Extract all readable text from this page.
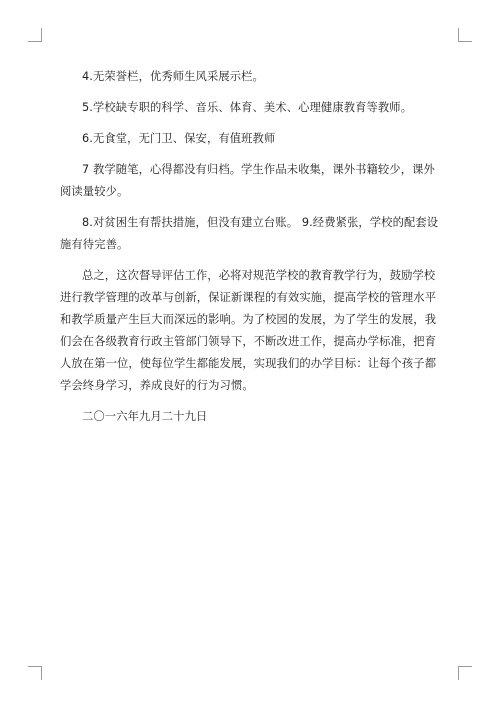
4.无荣誉栏，优秀师生风采展示栏。

5.学校缺专职的科学、音乐、体育、美术、心理健康教育等教师。

6.无食堂，无门卫、保安，有值班教师

7 教学随笔，心得都没有归档。学生作品未收集，课外书籍较少，课外阅读量较少。

8.对贫困生有帮扶措施，但没有建立台账。 9.经费紧张，学校的配套设施有待完善。

总之，这次督导评估工作，必将对规范学校的教育教学行为，鼓励学校进行教学管理的改革与创新，保证新课程的有效实施，提高学校的管理水平和教学质量产生巨大而深远的影响。为了校园的发展，为了学生的发展，我们会在各级教育行政主管部门领导下，不断改进工作，提高办学标准，把育人放在第一位，使每位学生都能发展，实现我们的办学目标：让每个孩子都学会终身学习，养成良好的行为习惯。

二〇一六年九月二十九日
